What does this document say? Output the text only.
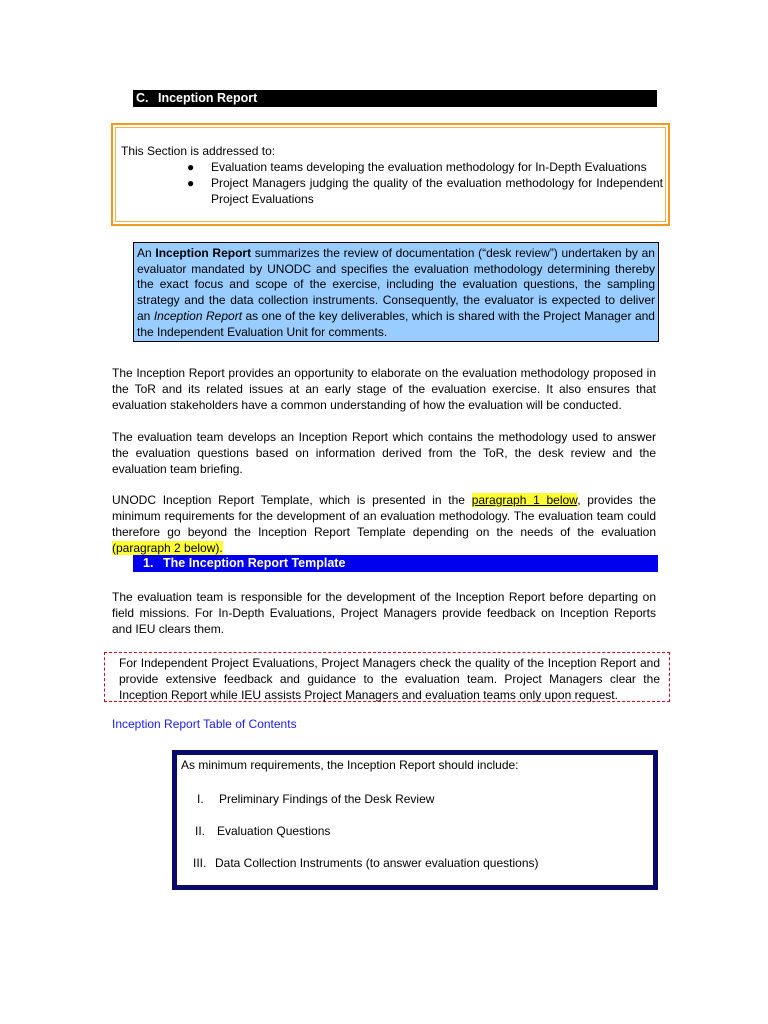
C. Inception Report
This Section is addressed to:
● Evaluation teams developing the evaluation methodology for In-Depth Evaluations
● Project Managers judging the quality of the evaluation methodology for Independent Project Evaluations
An Inception Report summarizes the review of documentation (“desk review”) undertaken by an evaluator mandated by UNODC and specifies the evaluation methodology determining thereby the exact focus and scope of the exercise, including the evaluation questions, the sampling strategy and the data collection instruments. Consequently, the evaluator is expected to deliver an Inception Report as one of the key deliverables, which is shared with the Project Manager and the Independent Evaluation Unit for comments.
The Inception Report provides an opportunity to elaborate on the evaluation methodology proposed in the ToR and its related issues at an early stage of the evaluation exercise. It also ensures that evaluation stakeholders have a common understanding of how the evaluation will be conducted.
The evaluation team develops an Inception Report which contains the methodology used to answer the evaluation questions based on information derived from the ToR, the desk review and the evaluation team briefing.
UNODC Inception Report Template, which is presented in the paragraph 1 below, provides the minimum requirements for the development of an evaluation methodology. The evaluation team could therefore go beyond the Inception Report Template depending on the needs of the evaluation (paragraph 2 below).
1. The Inception Report Template
The evaluation team is responsible for the development of the Inception Report before departing on field missions. For In-Depth Evaluations, Project Managers provide feedback on Inception Reports and IEU clears them.
For Independent Project Evaluations, Project Managers check the quality of the Inception Report and provide extensive feedback and guidance to the evaluation team. Project Managers clear the Inception Report while IEU assists Project Managers and evaluation teams only upon request.
Inception Report Table of Contents
As minimum requirements, the Inception Report should include:
I. Preliminary Findings of the Desk Review
II. Evaluation Questions
III. Data Collection Instruments (to answer evaluation questions)
